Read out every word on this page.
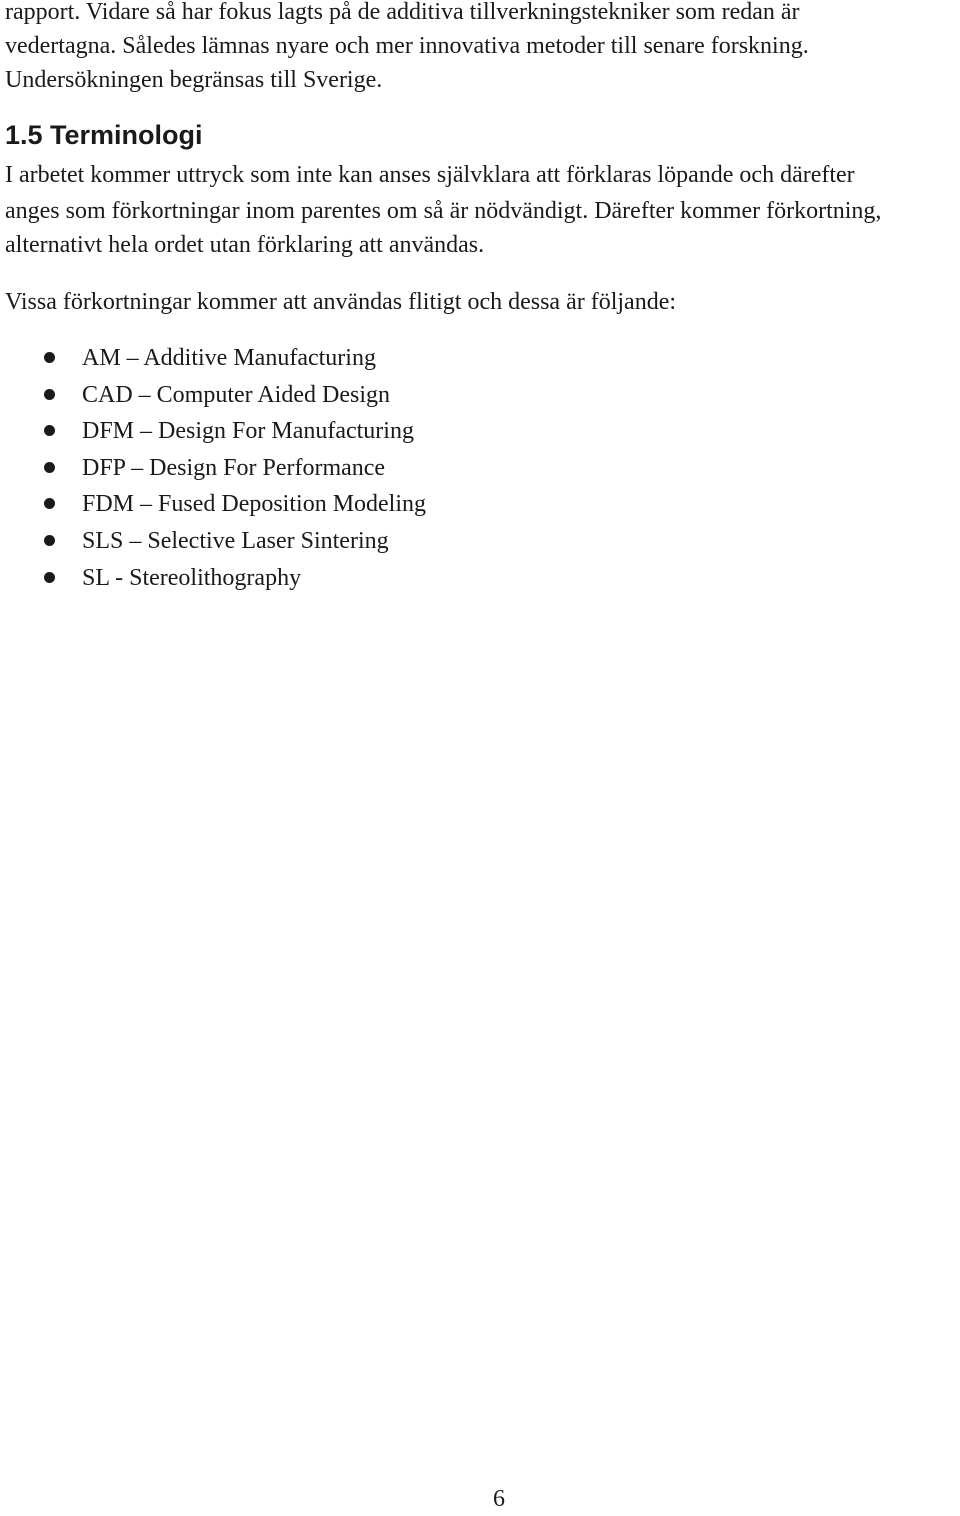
rapport. Vidare så har fokus lagts på de additiva tillverkningstekniker som redan är
vedertagna. Således lämnas nyare och mer innovativa metoder till senare forskning.
Undersökningen begränsas till Sverige.
1.5 Terminologi
I arbetet kommer uttryck som inte kan anses självklara att förklaras löpande och därefter
anges som förkortningar inom parentes om så är nödvändigt. Därefter kommer förkortning,
alternativt hela ordet utan förklaring att användas.
Vissa förkortningar kommer att användas flitigt och dessa är följande:
AM – Additive Manufacturing
CAD – Computer Aided Design
DFM – Design For Manufacturing
DFP – Design For Performance
FDM – Fused Deposition Modeling
SLS – Selective Laser Sintering
SL - Stereolithography
6
